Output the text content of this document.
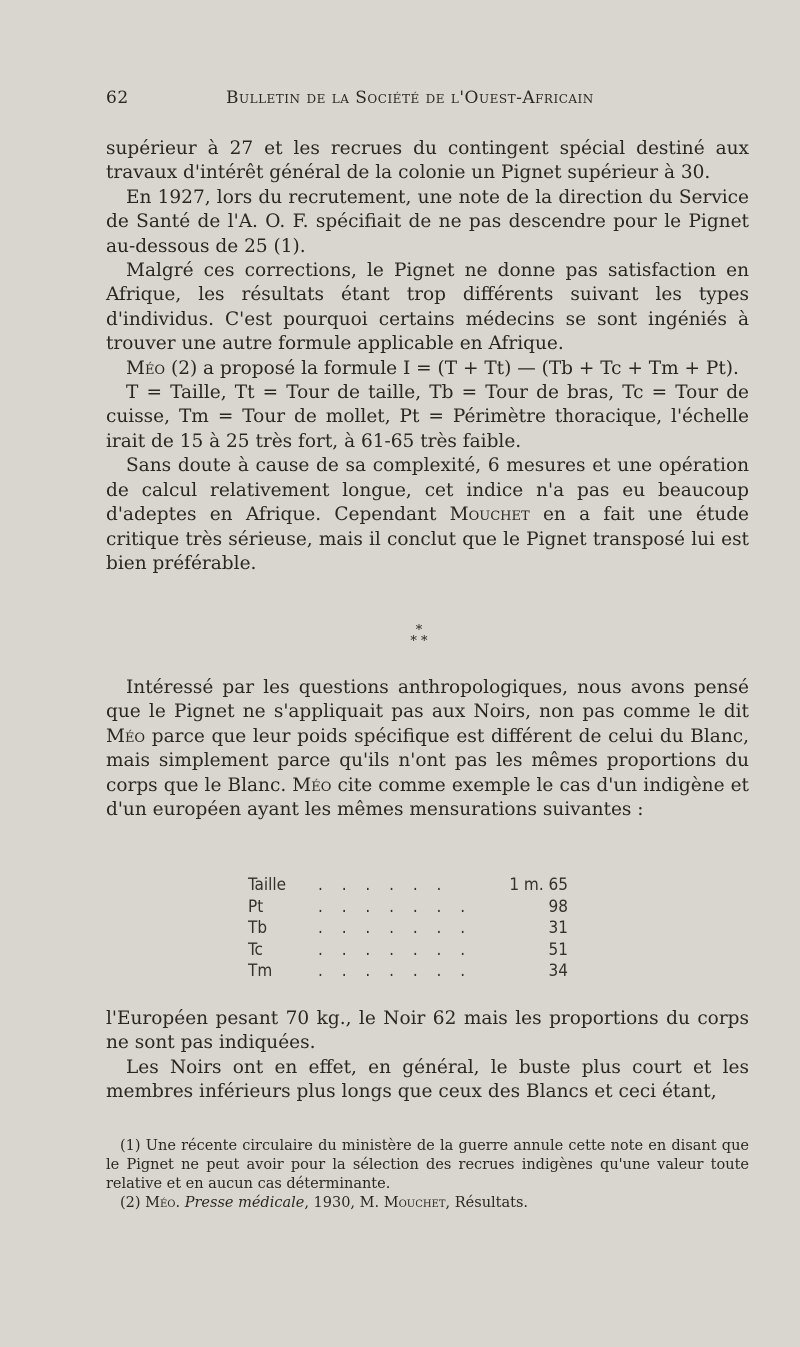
62	Bulletin de la Société de l'Ouest-Africain

supérieur à 27 et les recrues du contingent spécial destiné aux travaux d'intérêt général de la colonie un Pignet supérieur à 30.

En 1927, lors du recrutement, une note de la direction du Service de Santé de l'A. O. F. spécifiait de ne pas descendre pour le Pignet au-dessous de 25 (1).

Malgré ces corrections, le Pignet ne donne pas satisfaction en Afrique, les résultats étant trop différents suivant les types d'individus. C'est pourquoi certains médecins se sont ingéniés à trouver une autre formule applicable en Afrique.

Méo (2) a proposé la formule I = (T + Tt) — (Tb + Tc + Tm + Pt).

T = Taille, Tt = Tour de taille, Tb = Tour de bras, Tc = Tour de cuisse, Tm = Tour de mollet, Pt = Périmètre thoracique, l'échelle irait de 15 à 25 très fort, à 61-65 très faible.

Sans doute à cause de sa complexité, 6 mesures et une opération de calcul relativement longue, cet indice n'a pas eu beaucoup d'adeptes en Afrique. Cependant Mouchet en a fait une étude critique très sérieuse, mais il conclut que le Pignet transposé lui est bien préférable.

*
* *

Intéressé par les questions anthropologiques, nous avons pensé que le Pignet ne s'appliquait pas aux Noirs, non pas comme le dit Méo parce que leur poids spécifique est différent de celui du Blanc, mais simplement parce qu'ils n'ont pas les mêmes proportions du corps que le Blanc. Méo cite comme exemple le cas d'un indigène et d'un européen ayant les mêmes mensurations suivantes :

Taille	. . . . . .	1 m. 65
Pt	. . . . . . .	98
Tb	. . . . . . .	31
Tc	. . . . . . .	51
Tm	. . . . . . .	34

l'Européen pesant 70 kg., le Noir 62 mais les proportions du corps ne sont pas indiquées.

Les Noirs ont en effet, en général, le buste plus court et les membres inférieurs plus longs que ceux des Blancs et ceci étant,

(1) Une récente circulaire du ministère de la guerre annule cette note en disant que le Pignet ne peut avoir pour la sélection des recrues indigènes qu'une valeur toute relative et en aucun cas déterminante.

(2) Méo. Presse médicale, 1930, M. Mouchet, Résultats.
